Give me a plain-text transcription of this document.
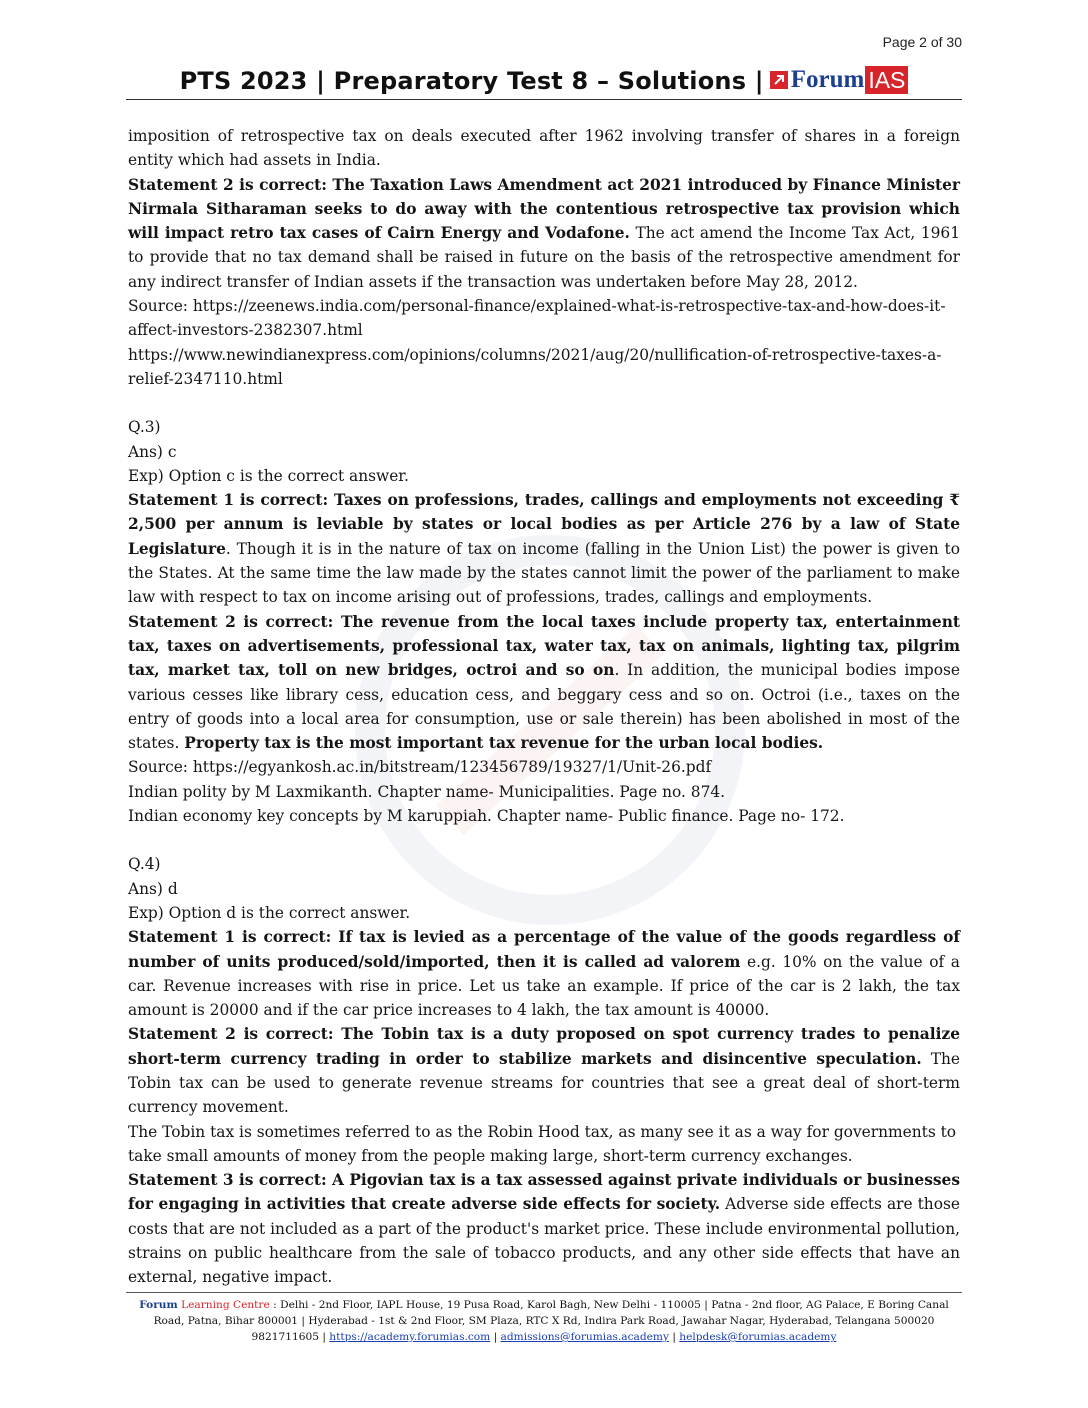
Page 2 of 30
PTS 2023 | Preparatory Test 8 – Solutions | Forum IAS

imposition of retrospective tax on deals executed after 1962 involving transfer of shares in a foreign entity which had assets in India.

Statement 2 is correct: The Taxation Laws Amendment act 2021 introduced by Finance Minister Nirmala Sitharaman seeks to do away with the contentious retrospective tax provision which will impact retro tax cases of Cairn Energy and Vodafone. The act amend the Income Tax Act, 1961 to provide that no tax demand shall be raised in future on the basis of the retrospective amendment for any indirect transfer of Indian assets if the transaction was undertaken before May 28, 2012.

Source: https://zeenews.india.com/personal-finance/explained-what-is-retrospective-tax-and-how-does-it-affect-investors-2382307.html

https://www.newindianexpress.com/opinions/columns/2021/aug/20/nullification-of-retrospective-taxes-a-relief-2347110.html

Q.3)

Ans) c

Exp) Option c is the correct answer.

Statement 1 is correct: Taxes on professions, trades, callings and employments not exceeding ₹ 2,500 per annum is leviable by states or local bodies as per Article 276 by a law of State Legislature. Though it is in the nature of tax on income (falling in the Union List) the power is given to the States. At the same time the law made by the states cannot limit the power of the parliament to make law with respect to tax on income arising out of professions, trades, callings and employments.

Statement 2 is correct: The revenue from the local taxes include property tax, entertainment tax, taxes on advertisements, professional tax, water tax, tax on animals, lighting tax, pilgrim tax, market tax, toll on new bridges, octroi and so on. In addition, the municipal bodies impose various cesses like library cess, education cess, and beggary cess and so on. Octroi (i.e., taxes on the entry of goods into a local area for consumption, use or sale therein) has been abolished in most of the states. Property tax is the most important tax revenue for the urban local bodies.

Source: https://egyankosh.ac.in/bitstream/123456789/19327/1/Unit-26.pdf

Indian polity by M Laxmikanth. Chapter name- Municipalities. Page no. 874.

Indian economy key concepts by M karuppiah. Chapter name- Public finance. Page no- 172.

Q.4)

Ans) d

Exp) Option d is the correct answer.

Statement 1 is correct: If tax is levied as a percentage of the value of the goods regardless of number of units produced/sold/imported, then it is called ad valorem e.g. 10% on the value of a car. Revenue increases with rise in price. Let us take an example. If price of the car is 2 lakh, the tax amount is 20000 and if the car price increases to 4 lakh, the tax amount is 40000.

Statement 2 is correct: The Tobin tax is a duty proposed on spot currency trades to penalize short-term currency trading in order to stabilize markets and disincentive speculation. The Tobin tax can be used to generate revenue streams for countries that see a great deal of short-term currency movement.

The Tobin tax is sometimes referred to as the Robin Hood tax, as many see it as a way for governments to take small amounts of money from the people making large, short-term currency exchanges.

Statement 3 is correct: A Pigovian tax is a tax assessed against private individuals or businesses for engaging in activities that create adverse side effects for society. Adverse side effects are those costs that are not included as a part of the product's market price. These include environmental pollution, strains on public healthcare from the sale of tobacco products, and any other side effects that have an external, negative impact.

Forum Learning Centre : Delhi - 2nd Floor, IAPL House, 19 Pusa Road, Karol Bagh, New Delhi - 110005 | Patna - 2nd floor, AG Palace, E Boring Canal Road, Patna, Bihar 800001 | Hyderabad - 1st & 2nd Floor, SM Plaza, RTC X Rd, Indira Park Road, Jawahar Nagar, Hyderabad, Telangana 500020
9821711605 | https://academy.forumias.com | admissions@forumias.academy | helpdesk@forumias.academy
